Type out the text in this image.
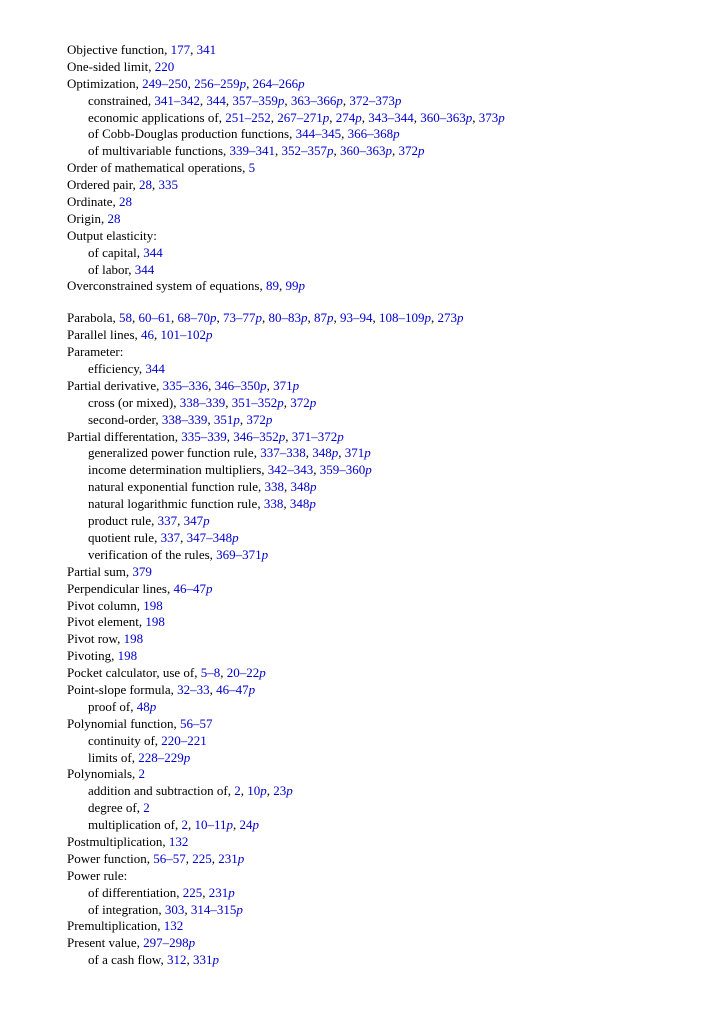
Objective function, 177, 341
One-sided limit, 220
Optimization, 249–250, 256–259p, 264–266p
constrained, 341–342, 344, 357–359p, 363–366p, 372–373p
economic applications of, 251–252, 267–271p, 274p, 343–344, 360–363p, 373p
of Cobb-Douglas production functions, 344–345, 366–368p
of multivariable functions, 339–341, 352–357p, 360–363p, 372p
Order of mathematical operations, 5
Ordered pair, 28, 335
Ordinate, 28
Origin, 28
Output elasticity:
of capital, 344
of labor, 344
Overconstrained system of equations, 89, 99p
Parabola, 58, 60–61, 68–70p, 73–77p, 80–83p, 87p, 93–94, 108–109p, 273p
Parallel lines, 46, 101–102p
Parameter:
efficiency, 344
Partial derivative, 335–336, 346–350p, 371p
cross (or mixed), 338–339, 351–352p, 372p
second-order, 338–339, 351p, 372p
Partial differentation, 335–339, 346–352p, 371–372p
generalized power function rule, 337–338, 348p, 371p
income determination multipliers, 342–343, 359–360p
natural exponential function rule, 338, 348p
natural logarithmic function rule, 338, 348p
product rule, 337, 347p
quotient rule, 337, 347–348p
verification of the rules, 369–371p
Partial sum, 379
Perpendicular lines, 46–47p
Pivot column, 198
Pivot element, 198
Pivot row, 198
Pivoting, 198
Pocket calculator, use of, 5–8, 20–22p
Point-slope formula, 32–33, 46–47p
proof of, 48p
Polynomial function, 56–57
continuity of, 220–221
limits of, 228–229p
Polynomials, 2
addition and subtraction of, 2, 10p, 23p
degree of, 2
multiplication of, 2, 10–11p, 24p
Postmultiplication, 132
Power function, 56–57, 225, 231p
Power rule:
of differentiation, 225, 231p
of integration, 303, 314–315p
Premultiplication, 132
Present value, 297–298p
of a cash flow, 312, 331p
